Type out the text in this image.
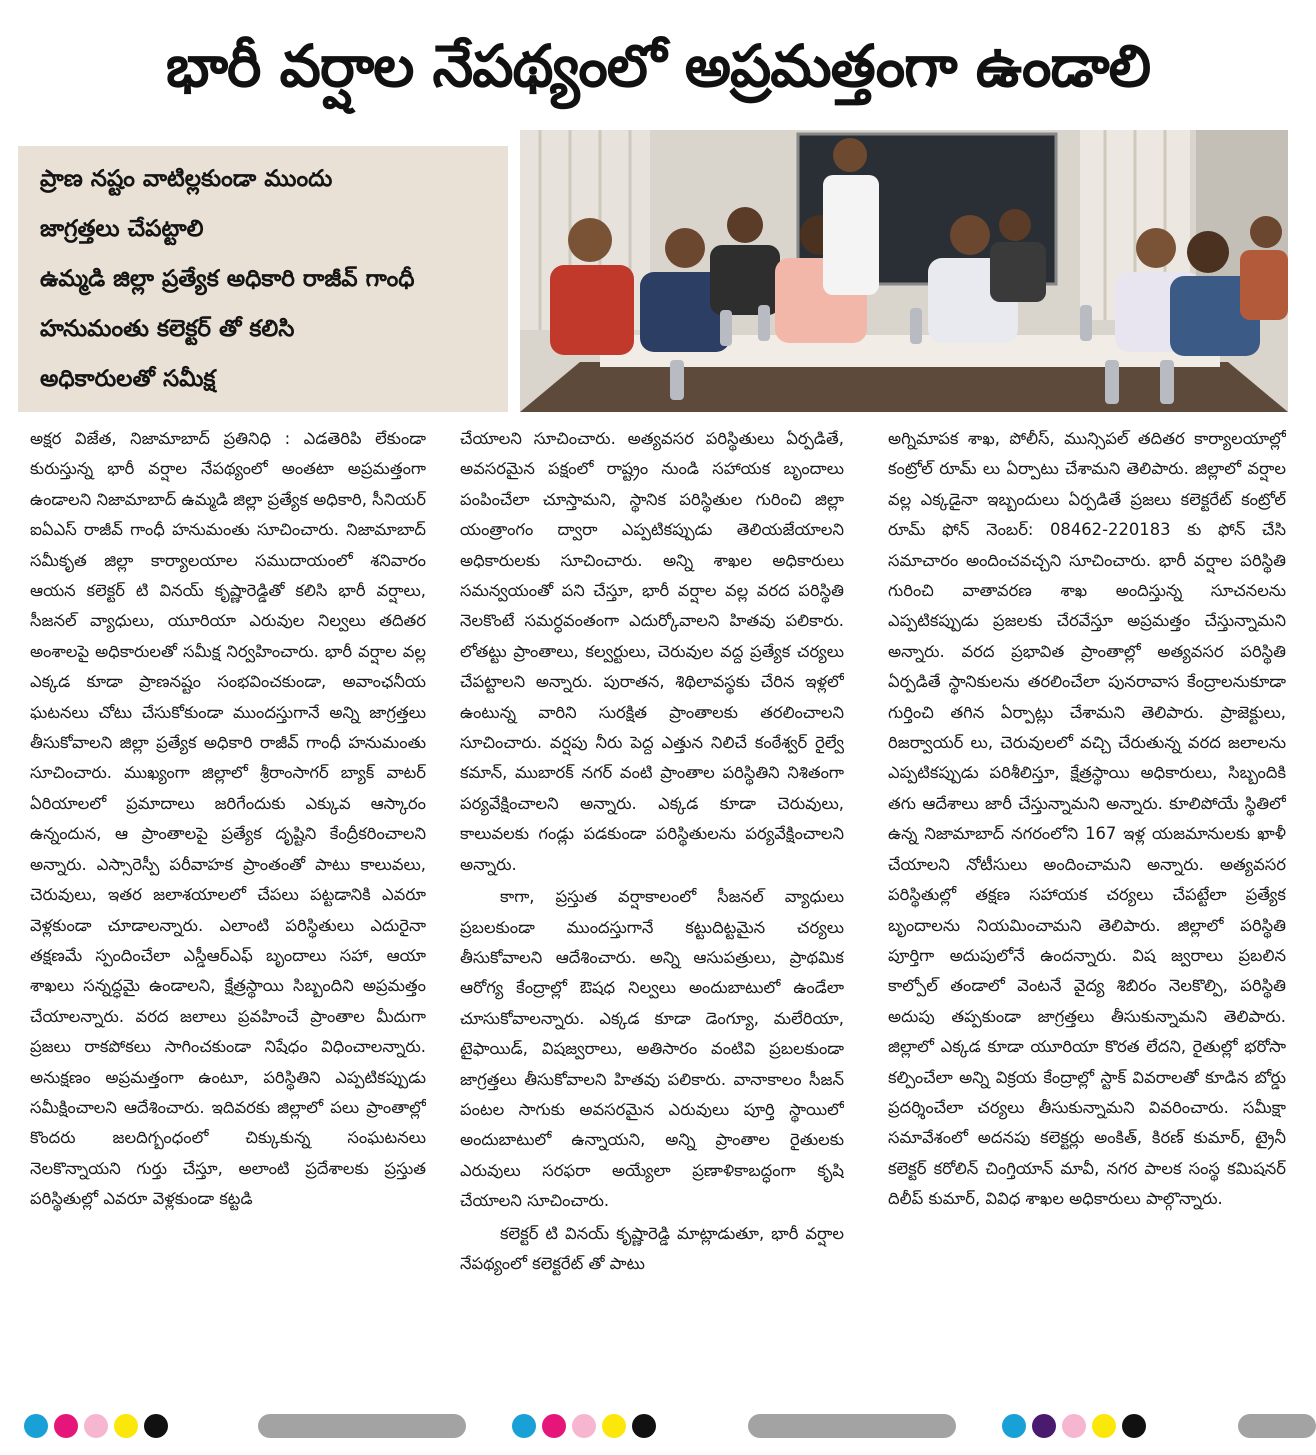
భారీ వర్షాల నేపథ్యంలో అప్రమత్తంగా ఉండాలి
ప్రాణ నష్టం వాటిల్లకుండా ముందు
జాగ్రత్తలు చేపట్టాలి
ఉమ్మడి జిల్లా ప్రత్యేక అధికారి రాజీవ్ గాంధీ
హనుమంతు కలెక్టర్ తో కలిసి
అధికారులతో సమీక్ష

అక్షర విజేత, నిజామాబాద్ ప్రతినిధి : ఎడతెరిపి లేకుండా కురుస్తున్న భారీ వర్షాల నేపథ్యంలో అంతటా అప్రమత్తంగా ఉండాలని నిజామాబాద్ ఉమ్మడి జిల్లా ప్రత్యేక అధికారి, సీనియర్ ఐఏఎస్ రాజీవ్ గాంధీ హనుమంతు సూచించారు. నిజామాబాద్ సమీకృత జిల్లా కార్యాలయాల సముదాయంలో శనివారం ఆయన కలెక్టర్ టి వినయ్ కృష్ణారెడ్డితో కలిసి భారీ వర్షాలు, సీజనల్ వ్యాధులు, యూరియా ఎరువుల నిల్వలు తదితర అంశాలపై అధికారులతో సమీక్ష నిర్వహించారు. భారీ వర్షాల వల్ల ఎక్కడ కూడా ప్రాణనష్టం సంభవించకుండా, అవాంఛనీయ ఘటనలు చోటు చేసుకోకుండా ముందస్తుగానే అన్ని జాగ్రత్తలు తీసుకోవాలని జిల్లా ప్రత్యేక అధికారి రాజీవ్ గాంధీ హనుమంతు సూచించారు. ముఖ్యంగా జిల్లాలో శ్రీరాంసాగర్ బ్యాక్ వాటర్ ఏరియాలలో ప్రమాదాలు జరిగేందుకు ఎక్కువ ఆస్కారం ఉన్నందున, ఆ ప్రాంతాలపై ప్రత్యేక దృష్టిని కేంద్రీకరించాలని అన్నారు. ఎస్సారెస్పీ పరీవాహక ప్రాంతంతో పాటు కాలువలు, చెరువులు, ఇతర జలాశయాలలో చేపలు పట్టడానికి ఎవరూ వెళ్లకుండా చూడాలన్నారు. ఎలాంటి పరిస్థితులు ఎదురైనా తక్షణమే స్పందించేలా ఎస్డీఆర్ఎఫ్ బృందాలు సహా, ఆయా శాఖలు సన్నద్ధమై ఉండాలని, క్షేత్రస్థాయి సిబ్బందిని అప్రమత్తం చేయాలన్నారు. వరద జలాలు ప్రవహించే ప్రాంతాల మీదుగా ప్రజలు రాకపోకలు సాగించకుండా నిషేధం విధించాలన్నారు. అనుక్షణం అప్రమత్తంగా ఉంటూ, పరిస్థితిని ఎప్పటికప్పుడు సమీక్షించాలని ఆదేశించారు. ఇదివరకు జిల్లాలో పలు ప్రాంతాల్లో కొందరు జలదిగ్బంధంలో చిక్కుకున్న సంఘటనలు నెలకొన్నాయని గుర్తు చేస్తూ, అలాంటి ప్రదేశాలకు ప్రస్తుత పరిస్థితుల్లో ఎవరూ వెళ్లకుండా కట్టడి

చేయాలని సూచించారు. అత్యవసర పరిస్థితులు ఏర్పడితే, అవసరమైన పక్షంలో రాష్ట్రం నుండి సహాయక బృందాలు పంపించేలా చూస్తామని, స్థానిక పరిస్థితుల గురించి జిల్లా యంత్రాంగం ద్వారా ఎప్పటికప్పుడు తెలియజేయాలని అధికారులకు సూచించారు. అన్ని శాఖల అధికారులు సమన్వయంతో పని చేస్తూ, భారీ వర్షాల వల్ల వరద పరిస్థితి నెలకొంటే సమర్ధవంతంగా ఎదుర్కోవాలని హితవు పలికారు. లోతట్టు ప్రాంతాలు, కల్వర్టులు, చెరువుల వద్ద ప్రత్యేక చర్యలు చేపట్టాలని అన్నారు. పురాతన, శిథిలావస్థకు చేరిన ఇళ్లలో ఉంటున్న వారిని సురక్షిత ప్రాంతాలకు తరలించాలని సూచించారు. వర్షపు నీరు పెద్ద ఎత్తున నిలిచే కంఠేశ్వర్ రైల్వే కమాన్, ముబారక్ నగర్ వంటి ప్రాంతాల పరిస్థితిని నిశితంగా పర్యవేక్షించాలని అన్నారు. ఎక్కడ కూడా చెరువులు, కాలువలకు గండ్లు పడకుండా పరిస్థితులను పర్యవేక్షించాలని అన్నారు.

కాగా, ప్రస్తుత వర్షాకాలంలో సీజనల్ వ్యాధులు ప్రబలకుండా ముందస్తుగానే కట్టుదిట్టమైన చర్యలు తీసుకోవాలని ఆదేశించారు. అన్ని ఆసుపత్రులు, ప్రాథమిక ఆరోగ్య కేంద్రాల్లో ఔషధ నిల్వలు అందుబాటులో ఉండేలా చూసుకోవాలన్నారు. ఎక్కడ కూడా డెంగ్యూ, మలేరియా, టైఫాయిడ్, విషజ్వరాలు, అతిసారం వంటివి ప్రబలకుండా జాగ్రత్తలు తీసుకోవాలని హితవు పలికారు. వానాకాలం సీజన్ పంటల సాగుకు అవసరమైన ఎరువులు పూర్తి స్థాయిలో అందుబాటులో ఉన్నాయని, అన్ని ప్రాంతాల రైతులకు ఎరువులు సరఫరా అయ్యేలా ప్రణాళికాబద్ధంగా కృషి చేయాలని సూచించారు.

కలెక్టర్ టి వినయ్ కృష్ణారెడ్డి మాట్లాడుతూ, భారీ వర్షాల నేపథ్యంలో కలెక్టరేట్ తో పాటు

అగ్నిమాపక శాఖ, పోలీస్, మున్సిపల్ తదితర కార్యాలయాల్లో కంట్రోల్ రూమ్ లు ఏర్పాటు చేశామని తెలిపారు. జిల్లాలో వర్షాల వల్ల ఎక్కడైనా ఇబ్బందులు ఏర్పడితే ప్రజలు కలెక్టరేట్ కంట్రోల్ రూమ్ ఫోన్ నెంబర్: 08462-220183 కు ఫోన్ చేసి సమాచారం అందించవచ్చని సూచించారు. భారీ వర్షాల పరిస్థితి గురించి వాతావరణ శాఖ అందిస్తున్న సూచనలను ఎప్పటికప్పుడు ప్రజలకు చేరవేస్తూ అప్రమత్తం చేస్తున్నామని అన్నారు. వరద ప్రభావిత ప్రాంతాల్లో అత్యవసర పరిస్థితి ఏర్పడితే స్థానికులను తరలించేలా పునరావాస కేంద్రాలనుకూడా గుర్తించి తగిన ఏర్పాట్లు చేశామని తెలిపారు. ప్రాజెక్టులు, రిజర్వాయర్ లు, చెరువులలో వచ్చి చేరుతున్న వరద జలాలను ఎప్పటికప్పుడు పరిశీలిస్తూ, క్షేత్రస్థాయి అధికారులు, సిబ్బందికి తగు ఆదేశాలు జారీ చేస్తున్నామని అన్నారు. కూలిపోయే స్థితిలో ఉన్న నిజామాబాద్ నగరంలోని 167 ఇళ్ల యజమానులకు ఖాళీ చేయాలని నోటీసులు అందించామని అన్నారు. అత్యవసర పరిస్థితుల్లో తక్షణ సహాయక చర్యలు చేపట్టేలా ప్రత్యేక బృందాలను నియమించామని తెలిపారు. జిల్లాలో పరిస్థితి పూర్తిగా అదుపులోనే ఉందన్నారు. విష జ్వరాలు ప్రబలిన కాల్పోల్ తండాలో వెంటనే వైద్య శిబిరం నెలకొల్పి, పరిస్థితి అదుపు తప్పకుండా జాగ్రత్తలు తీసుకున్నామని తెలిపారు. జిల్లాలో ఎక్కడ కూడా యూరియా కొరత లేదని, రైతుల్లో భరోసా కల్పించేలా అన్ని విక్రయ కేంద్రాల్లో స్టాక్ వివరాలతో కూడిన బోర్డు ప్రదర్శించేలా చర్యలు తీసుకున్నామని వివరించారు. సమీక్షా సమావేశంలో అదనపు కలెక్టర్లు అంకిత్, కిరణ్ కుమార్, ట్రైనీ కలెక్టర్ కరోలిన్ చింగ్తియాన్ మావీ, నగర పాలక సంస్థ కమిషనర్ దిలీప్ కుమార్, వివిధ శాఖల అధికారులు పాల్గొన్నారు.
